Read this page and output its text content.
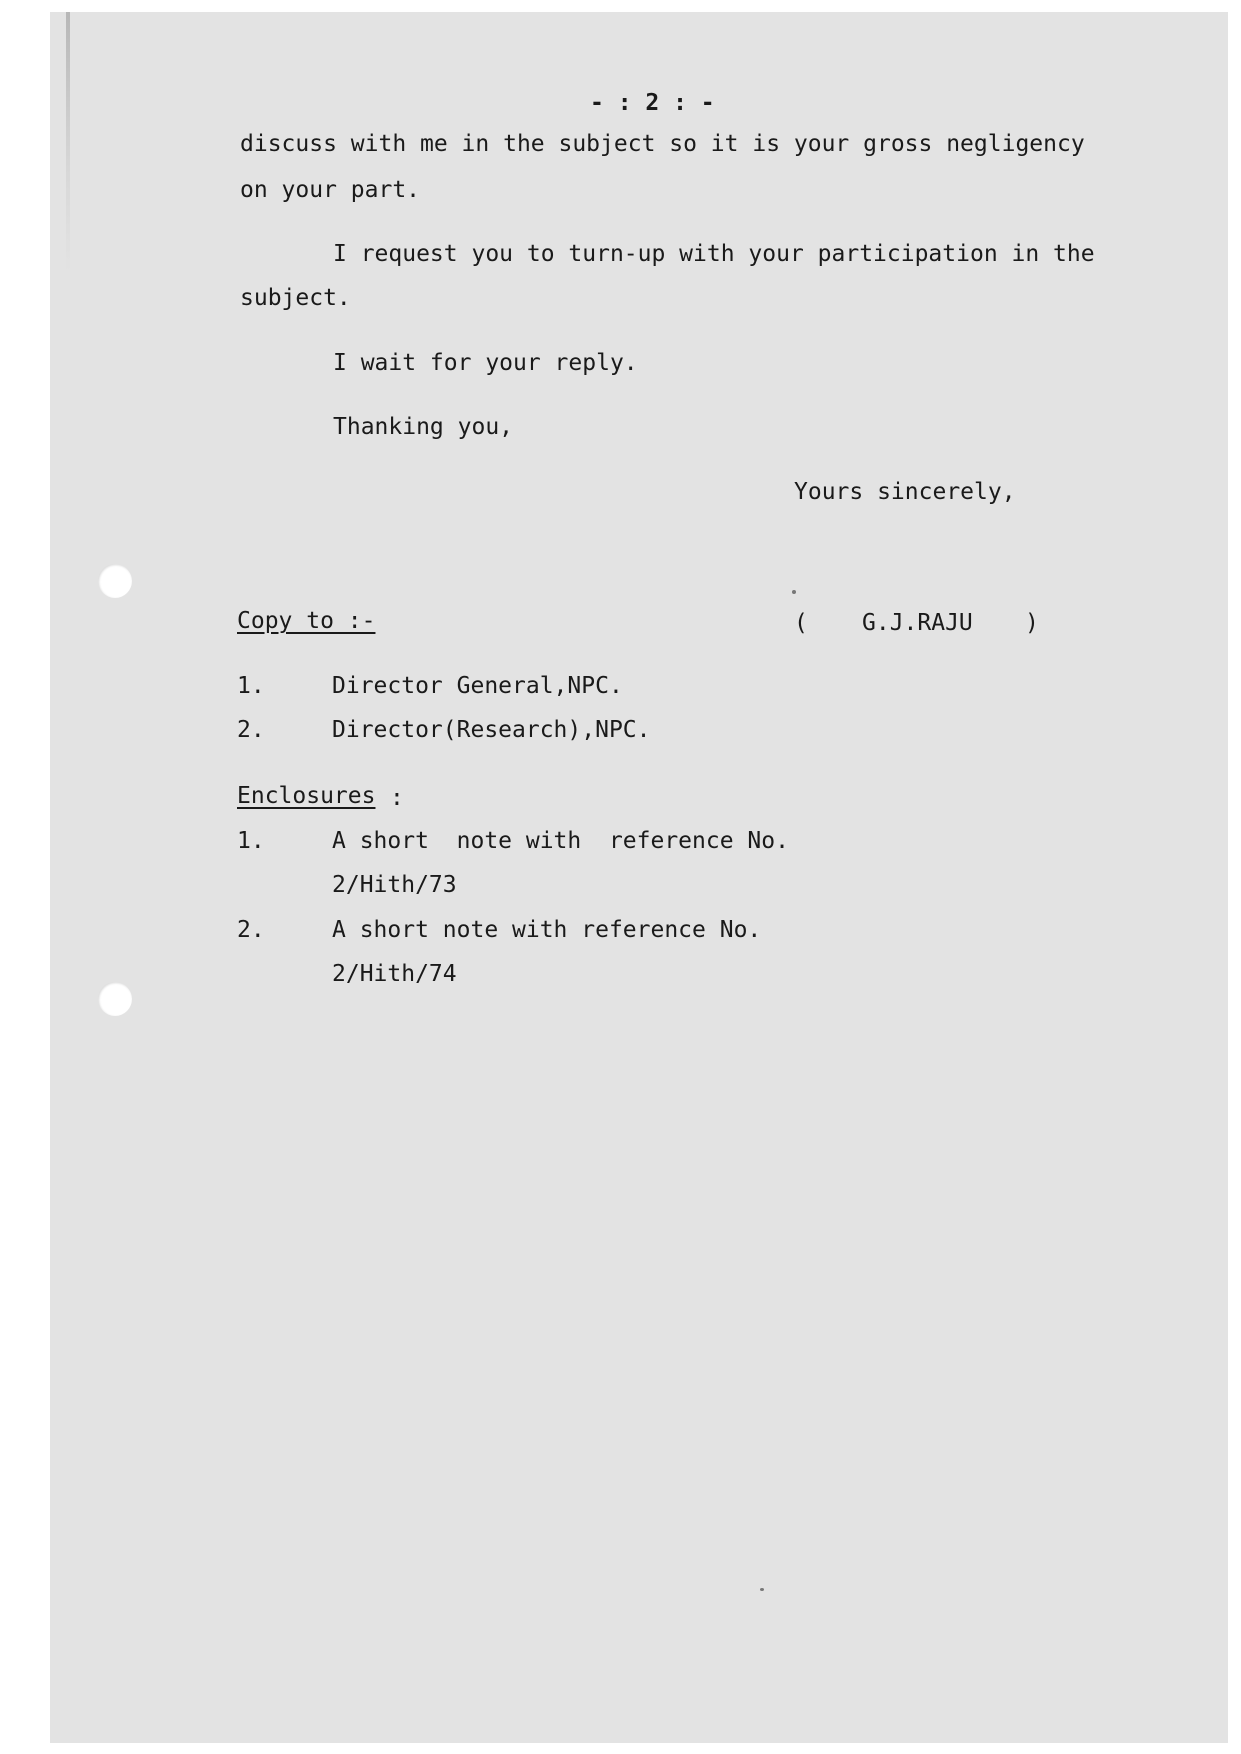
- : 2 : -
discuss with me in the subject so it is your gross negligency
on your part.
I request you to turn-up with your participation in the
subject.
I wait for your reply.
Thanking you,
Yours sincerely,
( G.J.RAJU )
Copy to :-
1.	Director General,NPC.
2.	Director(Research),NPC.
Enclosures :
1.	A short  note with  reference No.
2/Hith/73
2.	A short note with reference No.
2/Hith/74
